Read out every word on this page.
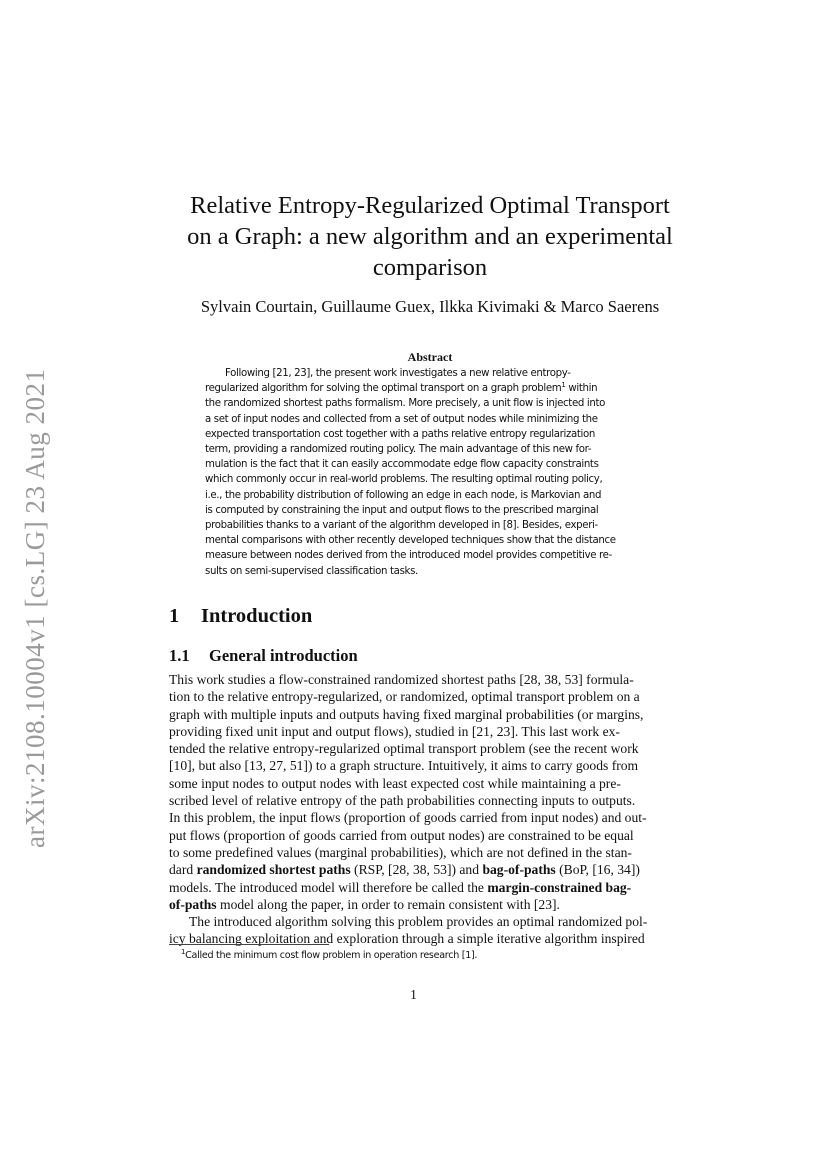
arXiv:2108.10004v1 [cs.LG] 23 Aug 2021
Relative Entropy-Regularized Optimal Transport
on a Graph: a new algorithm and an experimental
comparison
Sylvain Courtain, Guillaume Guex, Ilkka Kivimaki & Marco Saerens
Abstract
Following [21, 23], the present work investigates a new relative entropy-
regularized algorithm for solving the optimal transport on a graph problem$^1$ within
the randomized shortest paths formalism. More precisely, a unit flow is injected into
a set of input nodes and collected from a set of output nodes while minimizing the
expected transportation cost together with a paths relative entropy regularization
term, providing a randomized routing policy. The main advantage of this new for-
mulation is the fact that it can easily accommodate edge flow capacity constraints
which commonly occur in real-world problems. The resulting optimal routing policy,
i.e., the probability distribution of following an edge in each node, is Markovian and
is computed by constraining the input and output flows to the prescribed marginal
probabilities thanks to a variant of the algorithm developed in [8]. Besides, experi-
mental comparisons with other recently developed techniques show that the distance
measure between nodes derived from the introduced model provides competitive re-
sults on semi-supervised classification tasks.
1 Introduction
1.1 General introduction
This work studies a flow-constrained randomized shortest paths [28, 38, 53] formula-
tion to the relative entropy-regularized, or randomized, optimal transport problem on a
graph with multiple inputs and outputs having fixed marginal probabilities (or margins,
providing fixed unit input and output flows), studied in [21, 23]. This last work ex-
tended the relative entropy-regularized optimal transport problem (see the recent work
[10], but also [13, 27, 51]) to a graph structure. Intuitively, it aims to carry goods from
some input nodes to output nodes with least expected cost while maintaining a pre-
scribed level of relative entropy of the path probabilities connecting inputs to outputs.
In this problem, the input flows (proportion of goods carried from input nodes) and out-
put flows (proportion of goods carried from output nodes) are constrained to be equal
to some predefined values (marginal probabilities), which are not defined in the stan-
dard randomized shortest paths (RSP, [28, 38, 53]) and bag-of-paths (BoP, [16, 34])
models. The introduced model will therefore be called the margin-constrained bag-
of-paths model along the paper, in order to remain consistent with [23].
The introduced algorithm solving this problem provides an optimal randomized pol-
icy balancing exploitation and exploration through a simple iterative algorithm inspired
$^1$Called the minimum cost flow problem in operation research [1].
1
